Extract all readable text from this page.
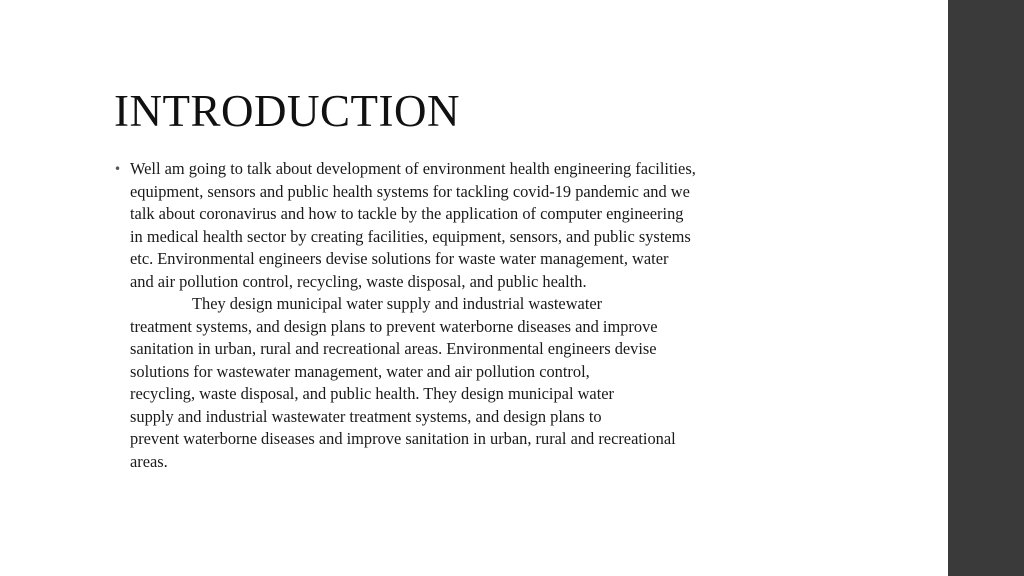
INTRODUCTION
• Well am going to talk about development of environment health engineering facilities,
equipment, sensors and public health systems for tackling covid-19 pandemic and we
talk about coronavirus and how to tackle by the application of computer engineering
in medical health sector by creating facilities, equipment, sensors, and public systems
etc. Environmental engineers devise solutions for waste water management, water
and air pollution control, recycling, waste disposal, and public health.
They design municipal water supply and industrial wastewater
treatment systems, and design plans to prevent waterborne diseases and improve
sanitation in urban, rural and recreational areas. Environmental engineers devise
solutions for wastewater management, water and air pollution control,
recycling, waste disposal, and public health. They design municipal water
supply and industrial wastewater treatment systems, and design plans to
prevent waterborne diseases and improve sanitation in urban, rural and recreational
areas.
